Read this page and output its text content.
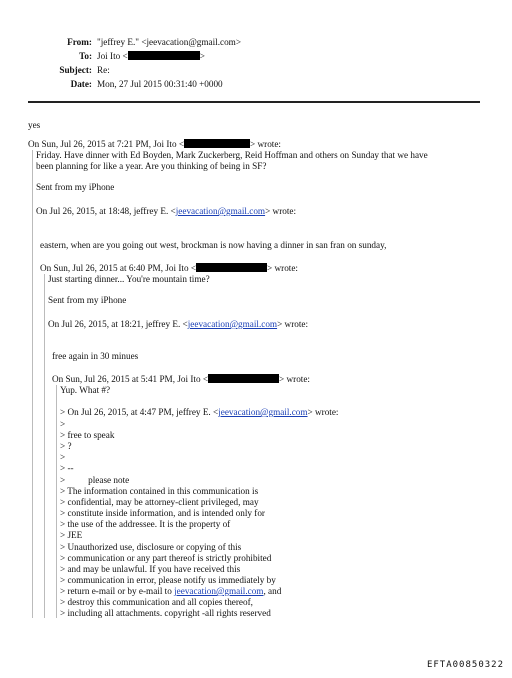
From: "jeffrey E." <jeevacation@gmail.com>
To: Joi Ito <	>
Subject: Re:
Date: Mon, 27 Jul 2015 00:31:40 +0000
yes
On Sun, Jul 26, 2015 at 7:21 PM, Joi Ito <	> wrote:
Friday. Have dinner with Ed Boyden, Mark Zuckerberg, Reid Hoffman and others on Sunday that we have
been planning for like a year. Are you thinking of being in SF?
Sent from my iPhone
On Jul 26, 2015, at 18:48, jeffrey E. <jeevacation@gmail.com> wrote:
eastern, when are you going out west, brockman is now having a dinner in san fran on sunday,
On Sun, Jul 26, 2015 at 6:40 PM, Joi Ito <	> wrote:
Just starting dinner... You're mountain time?
Sent from my iPhone
On Jul 26, 2015, at 18:21, jeffrey E. <jeevacation@gmail.com> wrote:
free again in 30 minues
On Sun, Jul 26, 2015 at 5:41 PM, Joi Ito <	> wrote:
Yup. What #?
> On Jul 26, 2015, at 4:47 PM, jeffrey E. <jeevacation@gmail.com> wrote:
>
> free to speak
> ?
>
> --
>          please note
> The information contained in this communication is
> confidential, may be attorney-client privileged, may
> constitute inside information, and is intended only for
> the use of the addressee. It is the property of
> JEE
> Unauthorized use, disclosure or copying of this
> communication or any part thereof is strictly prohibited
> and may be unlawful. If you have received this
> communication in error, please notify us immediately by
> return e-mail or by e-mail to jeevacation@gmail.com, and
> destroy this communication and all copies thereof,
> including all attachments. copyright -all rights reserved
EFTA00850322
